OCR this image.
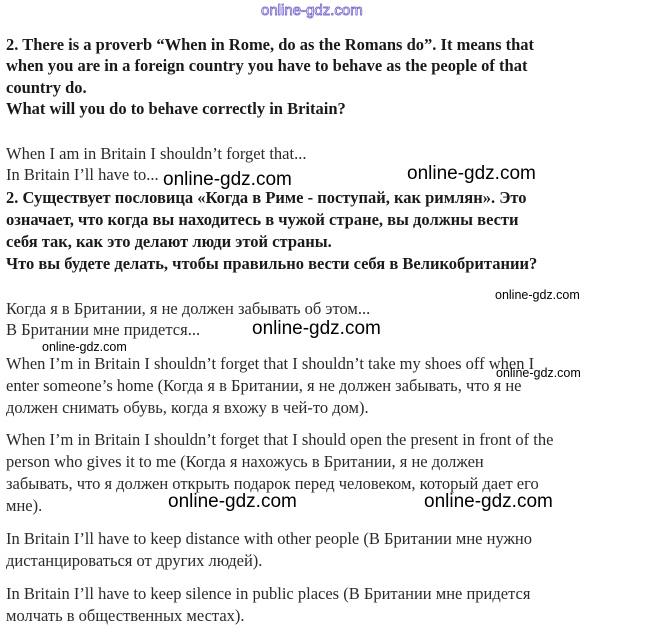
online-gdz.com
2. There is a proverb “When in Rome, do as the Romans do”. It means that
when you are in a foreign country you have to behave as the people of that
country do.
What will you do to behave correctly in Britain?
When I am in Britain I shouldn’t forget that...
In Britain I’ll have to...	online-gdz.com
online-gdz.com
2. Существует пословица «Когда в Риме - поступай, как римлян». Это
означает, что когда вы находитесь в чужой стране, вы должны вести
себя так, как это делают люди этой страны.
Что вы будете делать, чтобы правильно вести себя в Великобритании?
online-gdz.com
Когда я в Британии, я не должен забывать об этом...
В Британии мне придется...	online-gdz.com
online-gdz.com
When I’m in Britain I shouldn’t forget that I shouldn’t take my shoes off when I
enter someone’s home (Когда я в Британии, я не должен забывать, что я не
online-gdz.com
должен снимать обувь, когда я вхожу в чей-то дом).
When I’m in Britain I shouldn’t forget that I should open the present in front of the
person who gives it to me (Когда я нахожусь в Британии, я не должен
забывать, что я должен открыть подарок перед человеком, который дает его
мне).	online-gdz.com	online-gdz.com
In Britain I’ll have to keep distance with other people (В Британии мне нужно
дистанцироваться от других людей).
In Britain I’ll have to keep silence in public places (В Британии мне придется
молчать в общественных местах).
